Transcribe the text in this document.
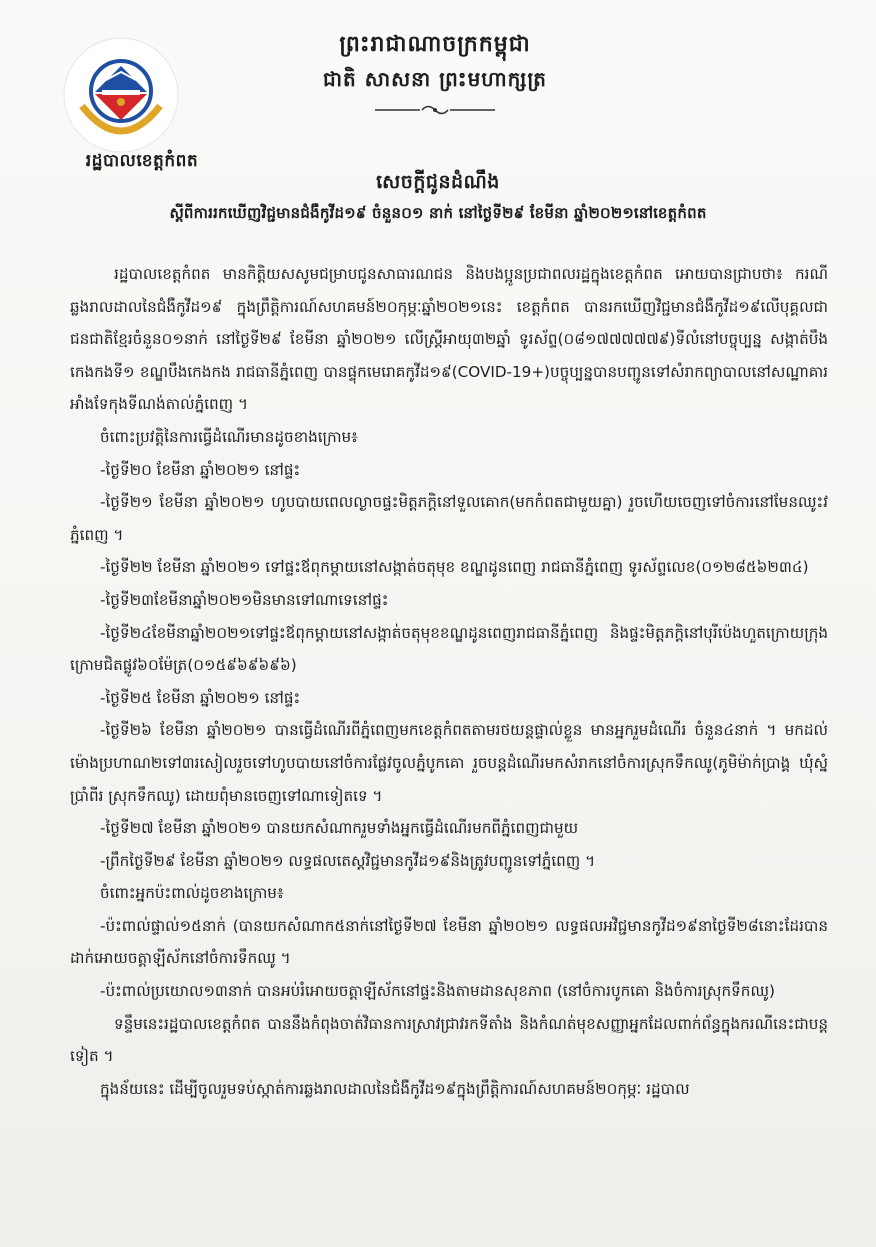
រដ្ឋបាលខេត្តកំពត
ព្រះរាជាណាចក្រកម្ពុជា
ជាតិ សាសនា ព្រះមហាក្សត្រ
សេចក្តីជូនដំណឹង
ស្តីពីការរកឃើញវិជ្ជមានជំងឺកូវីដ១៩ ចំនួន០១ នាក់ នៅថ្ងៃទី២៩ ខែមីនា ឆ្នាំ២០២១នៅខេត្តកំពត

រដ្ឋបាលខេត្តកំពត មានកិត្តិយសសូមជម្រាបជូនសាធារណជន និងបងប្អូនប្រជាពលរដ្ឋក្នុងខេត្តកំពត អោយបានជ្រាបថា៖ ករណីឆ្លងរាលដាលនៃជំងឺកូវីដ១៩ ក្នុងព្រឹត្តិការណ៍សហគមន៍២០កុម្ភៈឆ្នាំ២០២១នេះ ខេត្តកំពត បានរកឃើញវិជ្ជមានជំងឺកូវីដ១៩លើបុគ្គលជាជនជាតិខ្មែរចំនួន០១នាក់ នៅថ្ងៃទី២៩ ខែមីនា ឆ្នាំ២០២១ លើស្ត្រីអាយុ៣២ឆ្នាំ ទូរស័ព្ទ(០៨១៧៧៧៧៧៩)ទីលំនៅបច្ចុប្បន្ន សង្កាត់បឹងកេងកងទី១ ខណ្ឌបឹងកេងកង រាជធានីភ្នំពេញ បានផ្ទុកមេរោគកូវីដ១៩(COVID-19+)បច្ចុប្បន្នបានបញ្ជូនទៅសំរាកព្យាបាលនៅសណ្ឋាគារ អាំងទែកុងទីណង់តាល់ភ្នំពេញ ។

ចំពោះប្រវត្តិនៃការធ្វើដំណើរមានដូចខាងក្រោម៖

-ថ្ងៃទី២០ ខែមីនា ឆ្នាំ២០២១ នៅផ្ទះ

-ថ្ងៃទី២១ ខែមីនា ឆ្នាំ២០២១ ហូបបាយពេលល្ងាចផ្ទះមិត្តភក្តិនៅទួលគោក(មកកំពតជាមួយគ្នា) រួចហើយចេញទៅចំការនៅមែនឈូះវភ្នំពេញ ។

-ថ្ងៃទី២២ ខែមីនា ឆ្នាំ២០២១ ទៅផ្ទះឪពុកម្តាយនៅសង្កាត់ចតុមុខ ខណ្ឌដូនពេញ រាជធានីភ្នំពេញ ទូរស័ព្ទលេខ(០១២៨៥៦២៣៤)

-ថ្ងៃទី២៣ខែមីនាឆ្នាំ២០២១មិនមានទៅណាទេនៅផ្ទះ

-ថ្ងៃទី២៤ខែមីនាឆ្នាំ២០២១ទៅផ្ទះឪពុកម្តាយនៅសង្កាត់ចតុមុខខណ្ឌដូនពេញរាជធានីភ្នំពេញ និងផ្ទះមិត្តភក្តិនៅបុរីប៉េងហួតក្រោយក្រុងក្រោមជិតផ្លូវ៦០ម៉ែត្រ(០១៥៩៦៩៦៩៦)

-ថ្ងៃទី២៥ ខែមីនា ឆ្នាំ២០២១ នៅផ្ទះ

-ថ្ងៃទី២៦ ខែមីនា ឆ្នាំ២០២១ បានធ្វើដំណើរពីភ្នំពេញមកខេត្តកំពតតាមរថយន្តផ្ទាល់ខ្លួន មានអ្នករួមដំណើរ ចំនួន៤នាក់ ។ មកដល់ម៉ោងប្រហាណ២ទៅ៣រសៀលរួចទៅហូបបាយនៅចំការផ្លែវចូលភ្នំបូកគោ រួចបន្តដំណើរមកសំរាកនៅចំការស្រុកទឹកឈូ(ភូមិម៉ាក់ប្រាង្គ ឃុំស្នំប្រាំពីរ ស្រុកទឹកឈូ) ដោយពុំមានចេញទៅណាទៀតទេ ។

-ថ្ងៃទី២៧ ខែមីនា ឆ្នាំ២០២១ បានយកសំណាករួមទាំងអ្នកធ្វើដំណើរមកពីភ្នំពេញជាមួយ

-ព្រឹកថ្ងៃទី២៩ ខែមីនា ឆ្នាំ២០២១ លទ្ធផលតេស្តវិជ្ជមានកូវីដ១៩និងត្រូវបញ្ជូនទៅភ្នំពេញ ។

ចំពោះអ្នកប៉ះពាល់ដូចខាងក្រោម៖

-ប៉ះពាល់ផ្ទាល់១៥នាក់ (បានយកសំណាក៥នាក់នៅថ្ងៃទី២៧ ខែមីនា ឆ្នាំ២០២១ លទ្ធផលអវិជ្ជមានកូវីដ១៩នាថ្ងៃទី២៨នោះដែរបានដាក់អោយចត្តាឡីស័កនៅចំការទឹកឈូ ។

-ប៉ះពាល់ប្រយោល១៣នាក់ បានអប់រំអោយចត្តាឡីស័កនៅផ្ទះនិងតាមដានសុខភាព (នៅចំការបូកគោ និងចំការស្រុកទឹកឈូ)

ទន្ទឹមនេះរដ្ឋបាលខេត្តកំពត បាននឹងកំពុងចាត់វិធានការស្រាវជ្រាវរកទីតាំង និងកំណត់មុខសញ្ញាអ្នកដែលពាក់ព័ន្ធក្នុងករណីនេះជាបន្តទៀត ។

ក្នុងន័យនេះ ដើម្បីចូលរួមទប់ស្កាត់ការឆ្លងរាលដាលនៃជំងឺកូវីដ១៩ក្នុងព្រឹត្តិការណ៍សហគមន៍២០កុម្ភៈ រដ្ឋបាល
